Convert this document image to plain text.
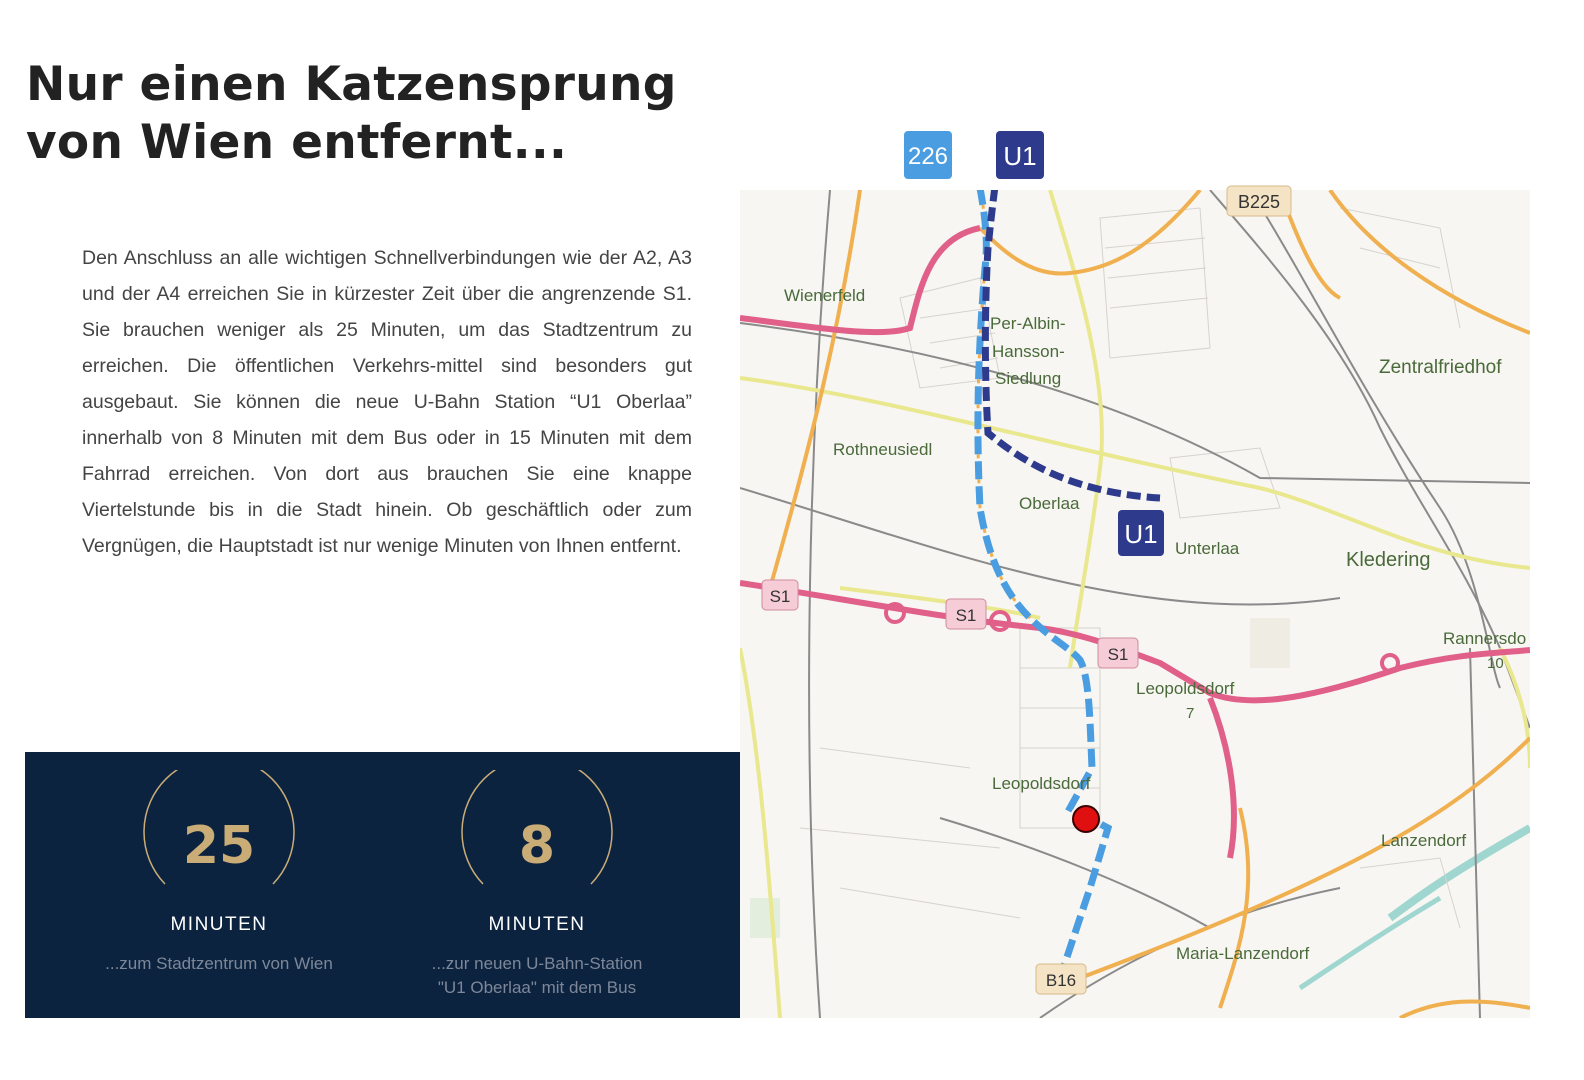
Nur einen Katzensprung
von Wien entfernt...

Den Anschluss an alle wichtigen Schnellverbindungen wie der A2, A3 und der A4 erreichen Sie in kürzester Zeit über die angrenzende S1. Sie brauchen weniger als 25 Minuten, um das Stadtzentrum zu erreichen. Die öffentlichen Verkehrs-mittel sind besonders gut ausgebaut. Sie können die neue U-Bahn Station “U1 Oberlaa” innerhalb von 8 Minuten mit dem Bus oder in 15 Minuten mit dem Fahrrad erreichen. Von dort aus brauchen Sie eine knappe Viertelstunde bis in die Stadt hinein. Ob geschäftlich oder zum Vergnügen, die Hauptstadt ist nur wenige Minuten von Ihnen entfernt.

25
MINUTEN
...zum Stadtzentrum von Wien
8
MINUTEN
...zur neuen U-Bahn-Station
"U1 Oberlaa" mit dem Bus
226 U1
U1
B225
S1
S1
S1
B16
Wienerfeld
Per-Albin-
Hansson-
Siedlung
Zentralfriedhof
Rothneusiedl
Oberlaa
Unterlaa
Kledering
Rannersdo
10
Leopoldsdorf
7
Leopoldsdorf
Lanzendorf
Maria-Lanzendorf
